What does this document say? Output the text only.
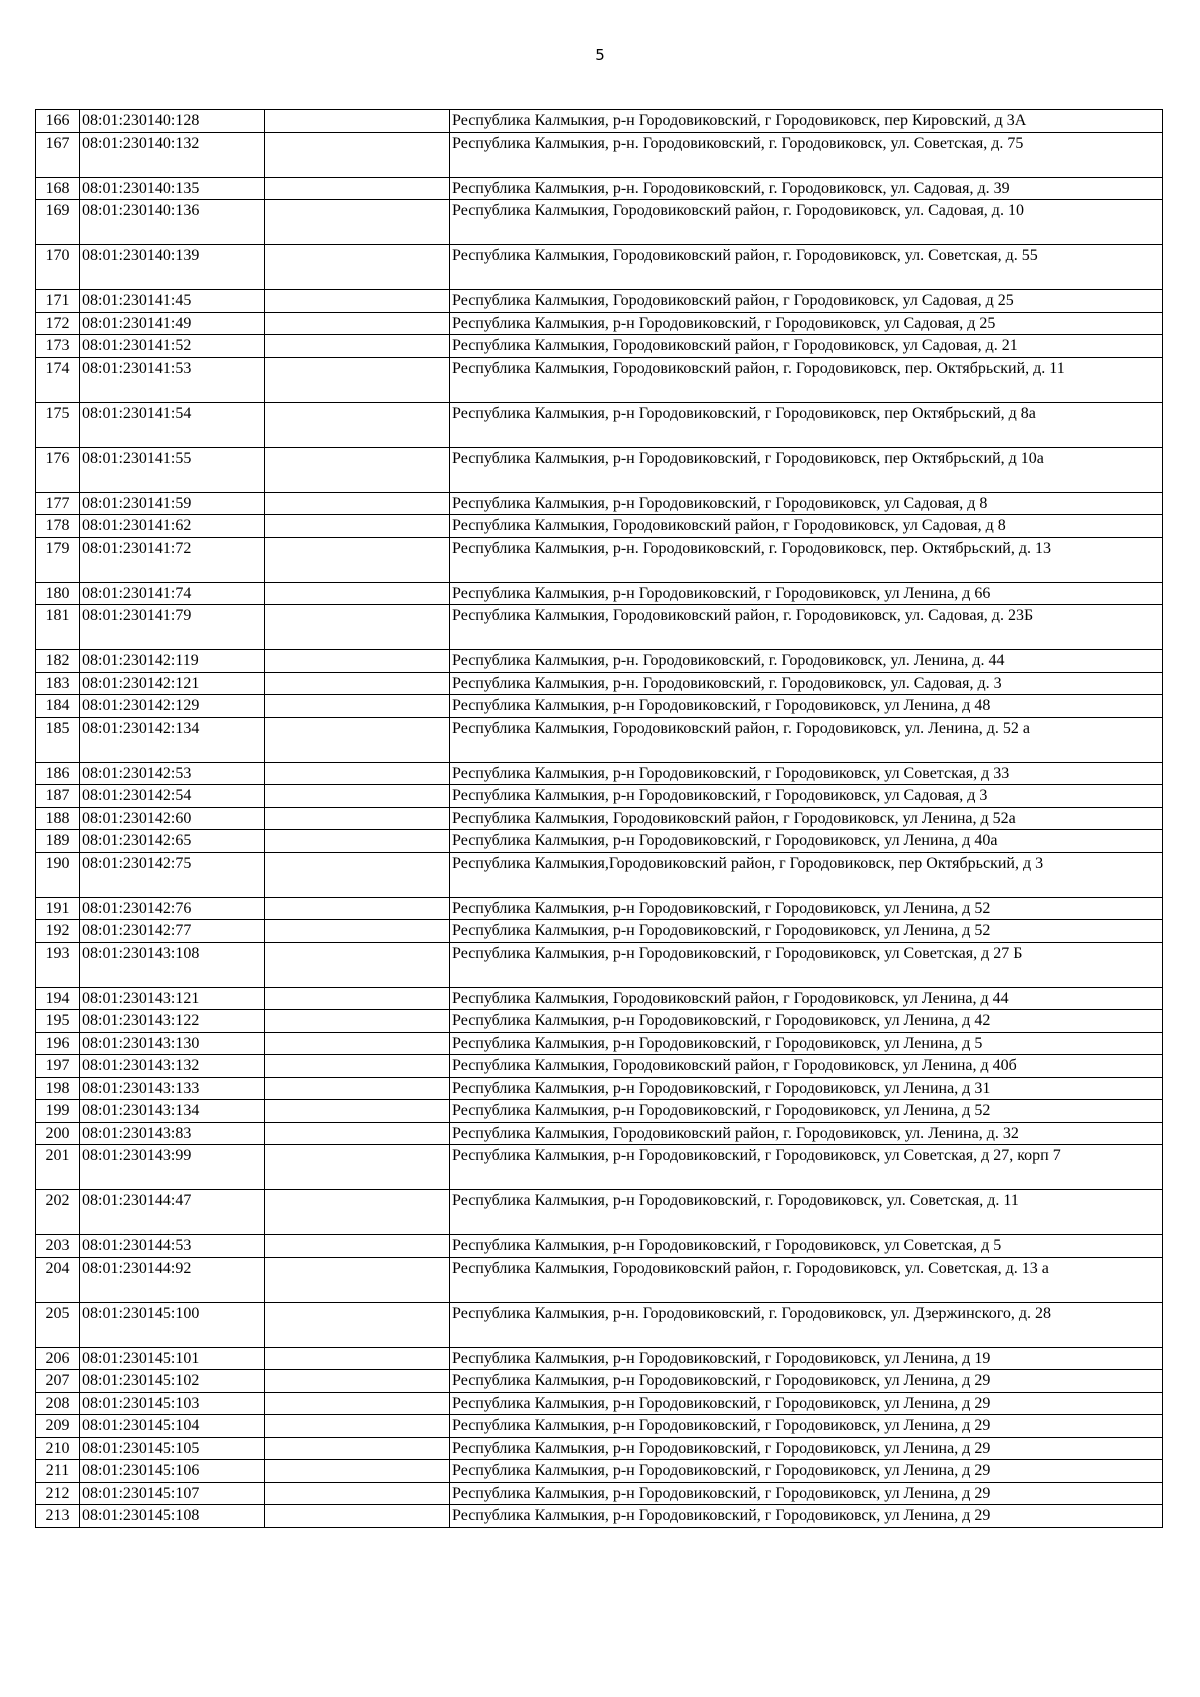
5
166	08:01:230140:128		Республика Калмыкия, р-н Городовиковский, г Городовиковск, пер Кировский, д 3А
167	08:01:230140:132		Республика Калмыкия, р-н. Городовиковский, г. Городовиковск, ул. Советская, д. 75
168	08:01:230140:135		Республика Калмыкия, р-н. Городовиковский, г. Городовиковск, ул. Садовая, д. 39
169	08:01:230140:136		Республика Калмыкия, Городовиковский район, г. Городовиковск, ул. Садовая, д. 10
170	08:01:230140:139		Республика Калмыкия, Городовиковский район, г. Городовиковск, ул. Советская, д. 55
171	08:01:230141:45		Республика Калмыкия, Городовиковский район, г Городовиковск, ул Садовая, д 25
172	08:01:230141:49		Республика Калмыкия, р-н Городовиковский, г Городовиковск, ул Садовая, д 25
173	08:01:230141:52		Республика Калмыкия, Городовиковский район, г Городовиковск, ул Садовая, д. 21
174	08:01:230141:53		Республика Калмыкия, Городовиковский район, г. Городовиковск, пер. Октябрьский, д. 11
175	08:01:230141:54		Республика Калмыкия, р-н Городовиковский, г Городовиковск, пер Октябрьский, д 8а
176	08:01:230141:55		Республика Калмыкия, р-н Городовиковский, г Городовиковск, пер Октябрьский, д 10а
177	08:01:230141:59		Республика Калмыкия, р-н Городовиковский, г Городовиковск, ул Садовая, д 8
178	08:01:230141:62		Республика Калмыкия, Городовиковский район, г Городовиковск, ул Садовая, д 8
179	08:01:230141:72		Республика Калмыкия, р-н. Городовиковский, г. Городовиковск, пер. Октябрьский, д. 13
180	08:01:230141:74		Республика Калмыкия, р-н Городовиковский, г Городовиковск, ул Ленина, д 66
181	08:01:230141:79		Республика Калмыкия, Городовиковский район, г. Городовиковск, ул. Садовая, д. 23Б
182	08:01:230142:119		Республика Калмыкия, р-н. Городовиковский, г. Городовиковск, ул. Ленина, д. 44
183	08:01:230142:121		Республика Калмыкия, р-н. Городовиковский, г. Городовиковск, ул. Садовая, д. 3
184	08:01:230142:129		Республика Калмыкия, р-н Городовиковский, г Городовиковск, ул Ленина, д 48
185	08:01:230142:134		Республика Калмыкия, Городовиковский район, г. Городовиковск, ул. Ленина, д. 52 а
186	08:01:230142:53		Республика Калмыкия, р-н Городовиковский, г Городовиковск, ул Советская, д 33
187	08:01:230142:54		Республика Калмыкия, р-н Городовиковский, г Городовиковск, ул Садовая, д 3
188	08:01:230142:60		Республика Калмыкия, Городовиковский район, г Городовиковск, ул Ленина, д 52а
189	08:01:230142:65		Республика Калмыкия, р-н Городовиковский, г Городовиковск, ул Ленина, д 40а
190	08:01:230142:75		Республика Калмыкия,Городовиковский район, г Городовиковск, пер Октябрьский, д 3
191	08:01:230142:76		Республика Калмыкия, р-н Городовиковский, г Городовиковск, ул Ленина, д 52
192	08:01:230142:77		Республика Калмыкия, р-н Городовиковский, г Городовиковск, ул Ленина, д 52
193	08:01:230143:108		Республика Калмыкия, р-н Городовиковский, г Городовиковск, ул Советская, д 27 Б
194	08:01:230143:121		Республика Калмыкия, Городовиковский район, г Городовиковск, ул Ленина, д 44
195	08:01:230143:122		Республика Калмыкия, р-н Городовиковский, г Городовиковск, ул Ленина, д 42
196	08:01:230143:130		Республика Калмыкия, р-н Городовиковский, г Городовиковск, ул Ленина, д 5
197	08:01:230143:132		Республика Калмыкия, Городовиковский район, г Городовиковск, ул Ленина, д 40б
198	08:01:230143:133		Республика Калмыкия, р-н Городовиковский, г Городовиковск, ул Ленина, д 31
199	08:01:230143:134		Республика Калмыкия, р-н Городовиковский, г Городовиковск, ул Ленина, д 52
200	08:01:230143:83		Республика Калмыкия, Городовиковский район, г. Городовиковск, ул. Ленина, д. 32
201	08:01:230143:99		Республика Калмыкия, р-н Городовиковский, г Городовиковск, ул Советская, д 27, корп 7
202	08:01:230144:47		Республика Калмыкия, р-н Городовиковский, г. Городовиковск, ул. Советская, д. 11
203	08:01:230144:53		Республика Калмыкия, р-н Городовиковский, г Городовиковск, ул Советская, д 5
204	08:01:230144:92		Республика Калмыкия, Городовиковский район, г. Городовиковск, ул. Советская, д. 13 а
205	08:01:230145:100		Республика Калмыкия, р-н. Городовиковский, г. Городовиковск, ул. Дзержинского, д. 28
206	08:01:230145:101		Республика Калмыкия, р-н Городовиковский, г Городовиковск, ул Ленина, д 19
207	08:01:230145:102		Республика Калмыкия, р-н Городовиковский, г Городовиковск, ул Ленина, д 29
208	08:01:230145:103		Республика Калмыкия, р-н Городовиковский, г Городовиковск, ул Ленина, д 29
209	08:01:230145:104		Республика Калмыкия, р-н Городовиковский, г Городовиковск, ул Ленина, д 29
210	08:01:230145:105		Республика Калмыкия, р-н Городовиковский, г Городовиковск, ул Ленина, д 29
211	08:01:230145:106		Республика Калмыкия, р-н Городовиковский, г Городовиковск, ул Ленина, д 29
212	08:01:230145:107		Республика Калмыкия, р-н Городовиковский, г Городовиковск, ул Ленина, д 29
213	08:01:230145:108		Республика Калмыкия, р-н Городовиковский, г Городовиковск, ул Ленина, д 29
